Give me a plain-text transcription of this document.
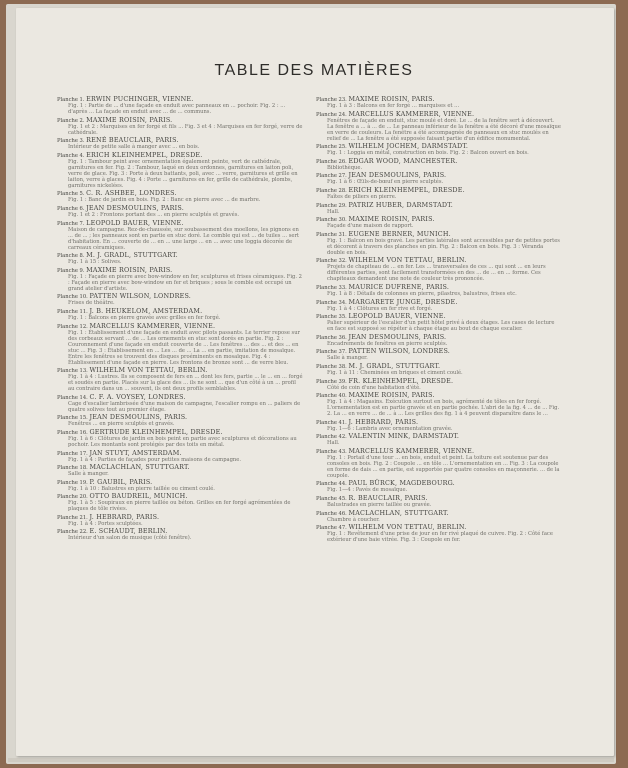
TABLE DES MATIÈRES
Planche 1. ERWIN PUCHINGER, VIENNE.
Fig. 1 : Partie de ... d'une façade en enduit avec panneaux en ... pochoir. Fig. 2 : ... d'après ... La façade en enduit avec ... de ... communs.
Planche 2. MAXIME ROISIN, PARIS.
Fig. 1 et 2 : Marquises en fer forgé et fils ... Fig. 3 et 4 : Marquises en fer forgé, verre de cathédrale.
Planche 3. RENÉ BEAUCLAIR, PARIS.
Intérieur de petite salle à manger avec ... en bois.
Planche 4. ERICH KLEINHEMPEL, DRESDE.
Fig. 1 : Tambour peint avec ornementation également peinte, vert de cathédrale, garnitures en fer. Fig. 2 : Tambour, laqué en deux ordonnes, garnitures en laiton poli, verre de glace. Fig. 3 : Porte à deux battants, poli, avec ... verre, garnitures et grille en laiton, verre à glaces. Fig. 4 : Porte ... garnitures en fer, grille de cathédrale, plombs, garnitures nickelées.
Planche 5. C. R. ASHBEE, LONDRES.
Fig. 1 : Banc de jardin en bois. Fig. 2 : Banc en pierre avec ... de marbre.
Planche 6. JEAN DESMOULINS, PARIS.
Fig. 1 et 2 : Frontons portant des ... en pierre sculptés et gravés.
Planche 7. LEOPOLD BAUER, VIENNE.
Maison de campagne. Rez-de-chaussée, sur soubassement des moellons, les pignons en ... de ... ; les panneaux sont en partie en stuc doré. Le comble qui est ... de tuiles ... sert d'habitation. En ... couverte de ... en ... une large ... en ... avec une loggia décorée de carreaux céramiques.
Planche 8. M. J. GRADL, STUTTGART.
Fig. 1 à 15 : Solives.
Planche 9. MAXIME ROISIN, PARIS.
Fig. 1 : Façade en pierre avec bow-window en fer, sculptures et frises céramiques. Fig. 2 : Façade en pierre avec bow-window en fer et briques ; sous le comble est occupé un grand atelier d'artiste.
Planche 10. PATTEN WILSON, LONDRES.
Frises de théâtre.
Planche 11. J. B. HEUKELOM, AMSTERDAM.
Fig. 1 : Balcons en pierre gravée avec grilles en fer forgé.
Planche 12. MARCELLUS KAMMERER, VIENNE.
Fig. 1 : Établissement d'une façade en enduit avec pilots passants. Le terrier repose sur des corbeaux servant ... de ... Les ornements en stuc sont dorés en partie. Fig. 2 : Couronnement d'une façade en enduit couverte de ... Les fenêtres ... des ... et des ... en stuc ... Fig. 3 : Établissement en ... Les ... de ... La ... en partie, imitation de mosaïque. Entre les fenêtres se trouvent des disques proéminents en mosaïque. Fig. 4 : Établissement d'une façade en pierre. Les frontons de bronze sont ... de verre bleu.
Planche 13. WILHELM VON TETTAU, BERLIN.
Fig. 1 à 4 : Lustres. Ils se composent de fers en ... dont les fers, partie ... le ... en ... forgé et soudés en partie. Placés sur la glace des ... ils ne sont ... que d'un côté à un ... profil au contraire dans un ... souvent, ils ont deux profils semblables.
Planche 14. C. F. A. VOYSEY, LONDRES.
Cage d'escalier lambrissée d'une maison de campagne, l'escalier rompu en ... paliers de quatre solives tout au premier étage.
Planche 15. JEAN DESMOULINS, PARIS.
Fenêtres ... en pierre sculptés et gravés.
Planche 16. GERTRUDE KLEINHEMPEL, DRESDE.
Fig. 1 à 6 : Clôtures de jardin en bois peint en partie avec sculptures et décorations au pochoir. Les montants sont protégés par des toits en métal.
Planche 17. JAN STUYT, AMSTERDAM.
Fig. 1 à 4 : Parties de façades pour petites maisons de campagne.
Planche 18. MACLACHLAN, STUTTGART.
Salle à manger.
Planche 19. P. GAUBIL, PARIS.
Fig. 1 à 10 : Balustres en pierre taillée ou ciment coulé.
Planche 20. OTTO BAUDREIL, MUNICH.
Fig. 1 à 5 : Soupiraux en pierre taillée ou béton. Grilles en fer forgé agrémentées de plaques de tôle rivées.
Planche 21. J. HEBRARD, PARIS.
Fig. 1 à 4 : Portes sculptées.
Planche 22. E. SCHAUDT, BERLIN.
Intérieur d'un salon de musique (côté fenêtre).
Planche 23. MAXIME ROISIN, PARIS.
Fig. 1 à 3 : Balcons en fer forgé ... marquises et ...
Planche 24. MARCELLUS KAMMERER, VIENNE.
Fenêtres de façade en enduit, stuc moulé et doré. Le ... de la fenêtre sert à découvert. La fenêtre a ... à ... de ... Le panneau inférieur de la fenêtre a été décoré d'une mosaïque en verre de couleurs. La fenêtre a été accompagnée de panneaux en stuc moulés en relief de ... La fenêtre a été supposée faisant partie d'un édifice monumental.
Planche 25. WILHELM JOCHEM, DARMSTADT.
Fig. 1 : Loggia en métal, construction en bois. Fig. 2 : Balcon ouvert en bois.
Planche 26. EDGAR WOOD, MANCHESTER.
Bibliothèque.
Planche 27. JEAN DESMOULINS, PARIS.
Fig. 1 à 6 : Œils-de-bœuf en pierre sculptés.
Planche 28. ERICH KLEINHEMPEL, DRESDE.
Faîtes de piliers en pierre.
Planche 29. PATRIZ HUBER, DARMSTADT.
Hall.
Planche 30. MAXIME ROISIN, PARIS.
Façade d'une maison de rapport.
Planche 31. EUGENE BERNER, MUNICH.
Fig. 1 : Balcon en bois gravé. Les parties latérales sont accessibles par de petites portes et décorent à travers des planches en pin. Fig. 2 : Balcon en bois. Fig. 3 : Véranda double en bois.
Planche 32. WILHELM VON TETTAU, BERLIN.
Projets de chapiteau de ... en fer. Les ... transversales de ces ... qui sont ... en leurs différentes parties, sont facilement transformées en des ... de ... en ... forme. Ces chapiteaux demandent une note de couleur très prononcée.
Planche 33. MAURICE DUFRENE, PARIS.
Fig. 1 à 8 : Détails de colonnes en pierre, pilastres, balustres, frises etc.
Planche 34. MARGARETE JUNGE, DRESDE.
Fig. 1 à 4 : Clôtures en fer rive et forgé.
Planche 35. LEOPOLD BAUER, VIENNE.
Palier supérieur de l'escalier d'un petit hôtel privé à deux étages. Les cases de lecture en face est supposé se répéter à chaque étage au bout de chaque escalier.
Planche 36. JEAN DESMOULINS, PARIS.
Encadrements de fenêtres en pierre sculptés.
Planche 37. PATTEN WILSON, LONDRES.
Salle à manger.
Planche 38. M. J. GRADL, STUTTGART.
Fig. 1 à 11 : Cheminées en briques et ciment coulé.
Planche 39. FR. KLEINHEMPEL, DRESDE.
Côté de coin d'une habitation d'été.
Planche 40. MAXIME ROISIN, PARIS.
Fig. 1 à 4 : Magasins. Exécution surtout en bois, agrémenté de tôles en fer forgé. L'ornementation est en partie gravée et en partie pochée. L'abri de la fig. 4 ... de ... Fig. 2. La ... en verre ... de ... à ... Les grilles des fig. 1 à 4 peuvent disparaître dans le ...
Planche 41. J. HEBRARD, PARIS.
Fig. 1—6 : Lambris avec ornementation gravée.
Planche 42. VALENTIN MINK, DARMSTADT.
Hall.
Planche 43. MARCELLUS KAMMERER, VIENNE.
Fig. 1 : Portail d'une tour ... en bois, enduit et peint. La toiture est soutenue par des consoles en bois. Fig. 2 : Coupole ... en tôle ... L'ornementation en ... Fig. 3 : La coupole en forme de dais ... en partie, est supportée par quatre consoles en maçonnerie. ... de la coupole.
Planche 44. PAUL BÜRCK, MAGDEBOURG.
Fig. 1—4 : Pavés de mosaïque.
Planche 45. R. BEAUCLAIR, PARIS.
Balustrades en pierre taillée ou gravée.
Planche 46. MACLACHLAN, STUTTGART.
Chambre à coucher.
Planche 47. WILHELM VON TETTAU, BERLIN.
Fig. 1 : Revêtement d'une prise de jour en fer rivé plaqué de cuivre. Fig. 2 : Côté face extérieur d'une baie vitrée. Fig. 3 : Coupole en fer.
